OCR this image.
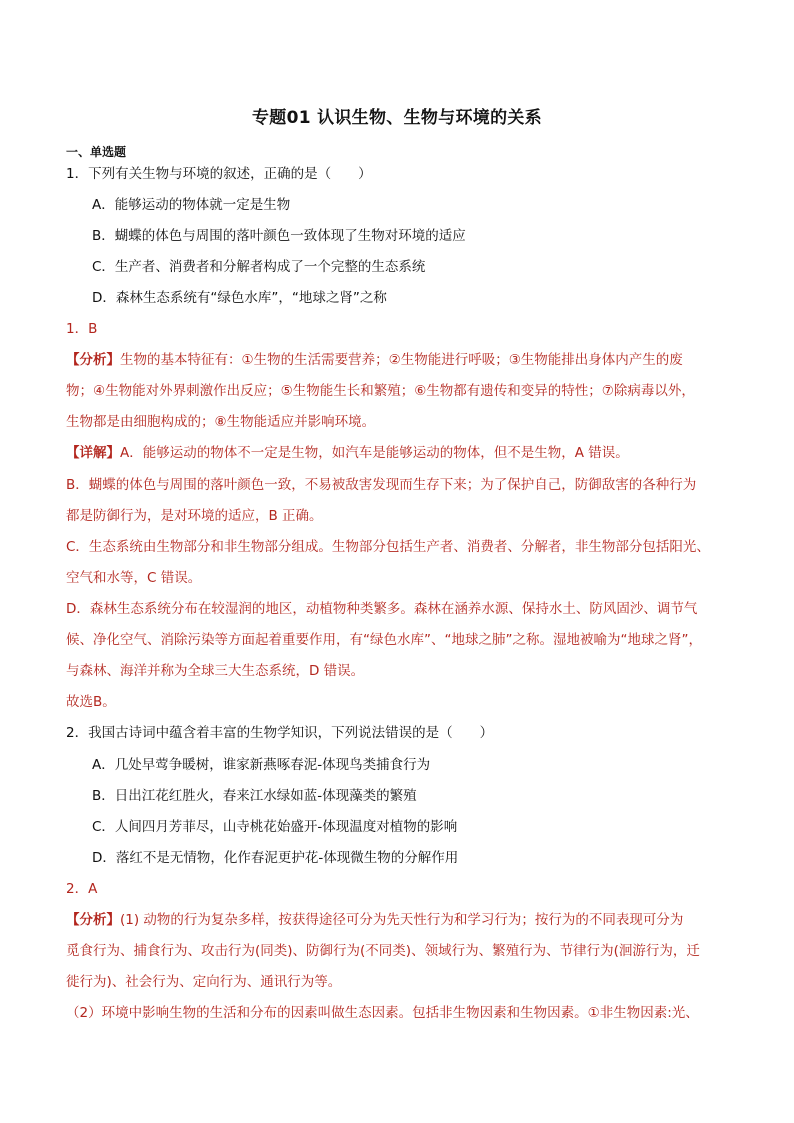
专题01 认识生物、生物与环境的关系
一、单选题
1．下列有关生物与环境的叙述，正确的是（　　）
A．能够运动的物体就一定是生物
B．蝴蝶的体色与周围的落叶颜色一致体现了生物对环境的适应
C．生产者、消费者和分解者构成了一个完整的生态系统
D．森林生态系统有“绿色水库”，“地球之肾”之称
1．B
【分析】生物的基本特征有：①生物的生活需要营养；②生物能进行呼吸；③生物能排出身体内产生的废
物；④生物能对外界刺激作出反应；⑤生物能生长和繁殖；⑥生物都有遗传和变异的特性；⑦除病毒以外，
生物都是由细胞构成的；⑧生物能适应并影响环境。
【详解】A．能够运动的物体不一定是生物，如汽车是能够运动的物体，但不是生物，A 错误。
B．蝴蝶的体色与周围的落叶颜色一致，不易被敌害发现而生存下来；为了保护自己，防御敌害的各种行为
都是防御行为，是对环境的适应，B 正确。
C．生态系统由生物部分和非生物部分组成。生物部分包括生产者、消费者、分解者，非生物部分包括阳光、
空气和水等，C 错误。
D．森林生态系统分布在较湿润的地区，动植物种类繁多。森林在涵养水源、保持水土、防风固沙、调节气
候、净化空气、消除污染等方面起着重要作用，有“绿色水库”、“地球之肺”之称。湿地被喻为“地球之肾”，
与森林、海洋并称为全球三大生态系统，D 错误。
故选B。
2．我国古诗词中蕴含着丰富的生物学知识，下列说法错误的是（　　）
A．几处早莺争暖树，谁家新燕啄春泥-体现鸟类捕食行为
B．日出江花红胜火，春来江水绿如蓝-体现藻类的繁殖
C．人间四月芳菲尽，山寺桃花始盛开-体现温度对植物的影响
D．落红不是无情物，化作春泥更护花-体现微生物的分解作用
2．A
【分析】(1) 动物的行为复杂多样，按获得途径可分为先天性行为和学习行为；按行为的不同表现可分为
觅食行为、捕食行为、攻击行为(同类)、防御行为(不同类)、领域行为、繁殖行为、节律行为(洄游行为，迁
徙行为)、社会行为、定向行为、通讯行为等。
（2）环境中影响生物的生活和分布的因素叫做生态因素。包括非生物因素和生物因素。①非生物因素:光、
